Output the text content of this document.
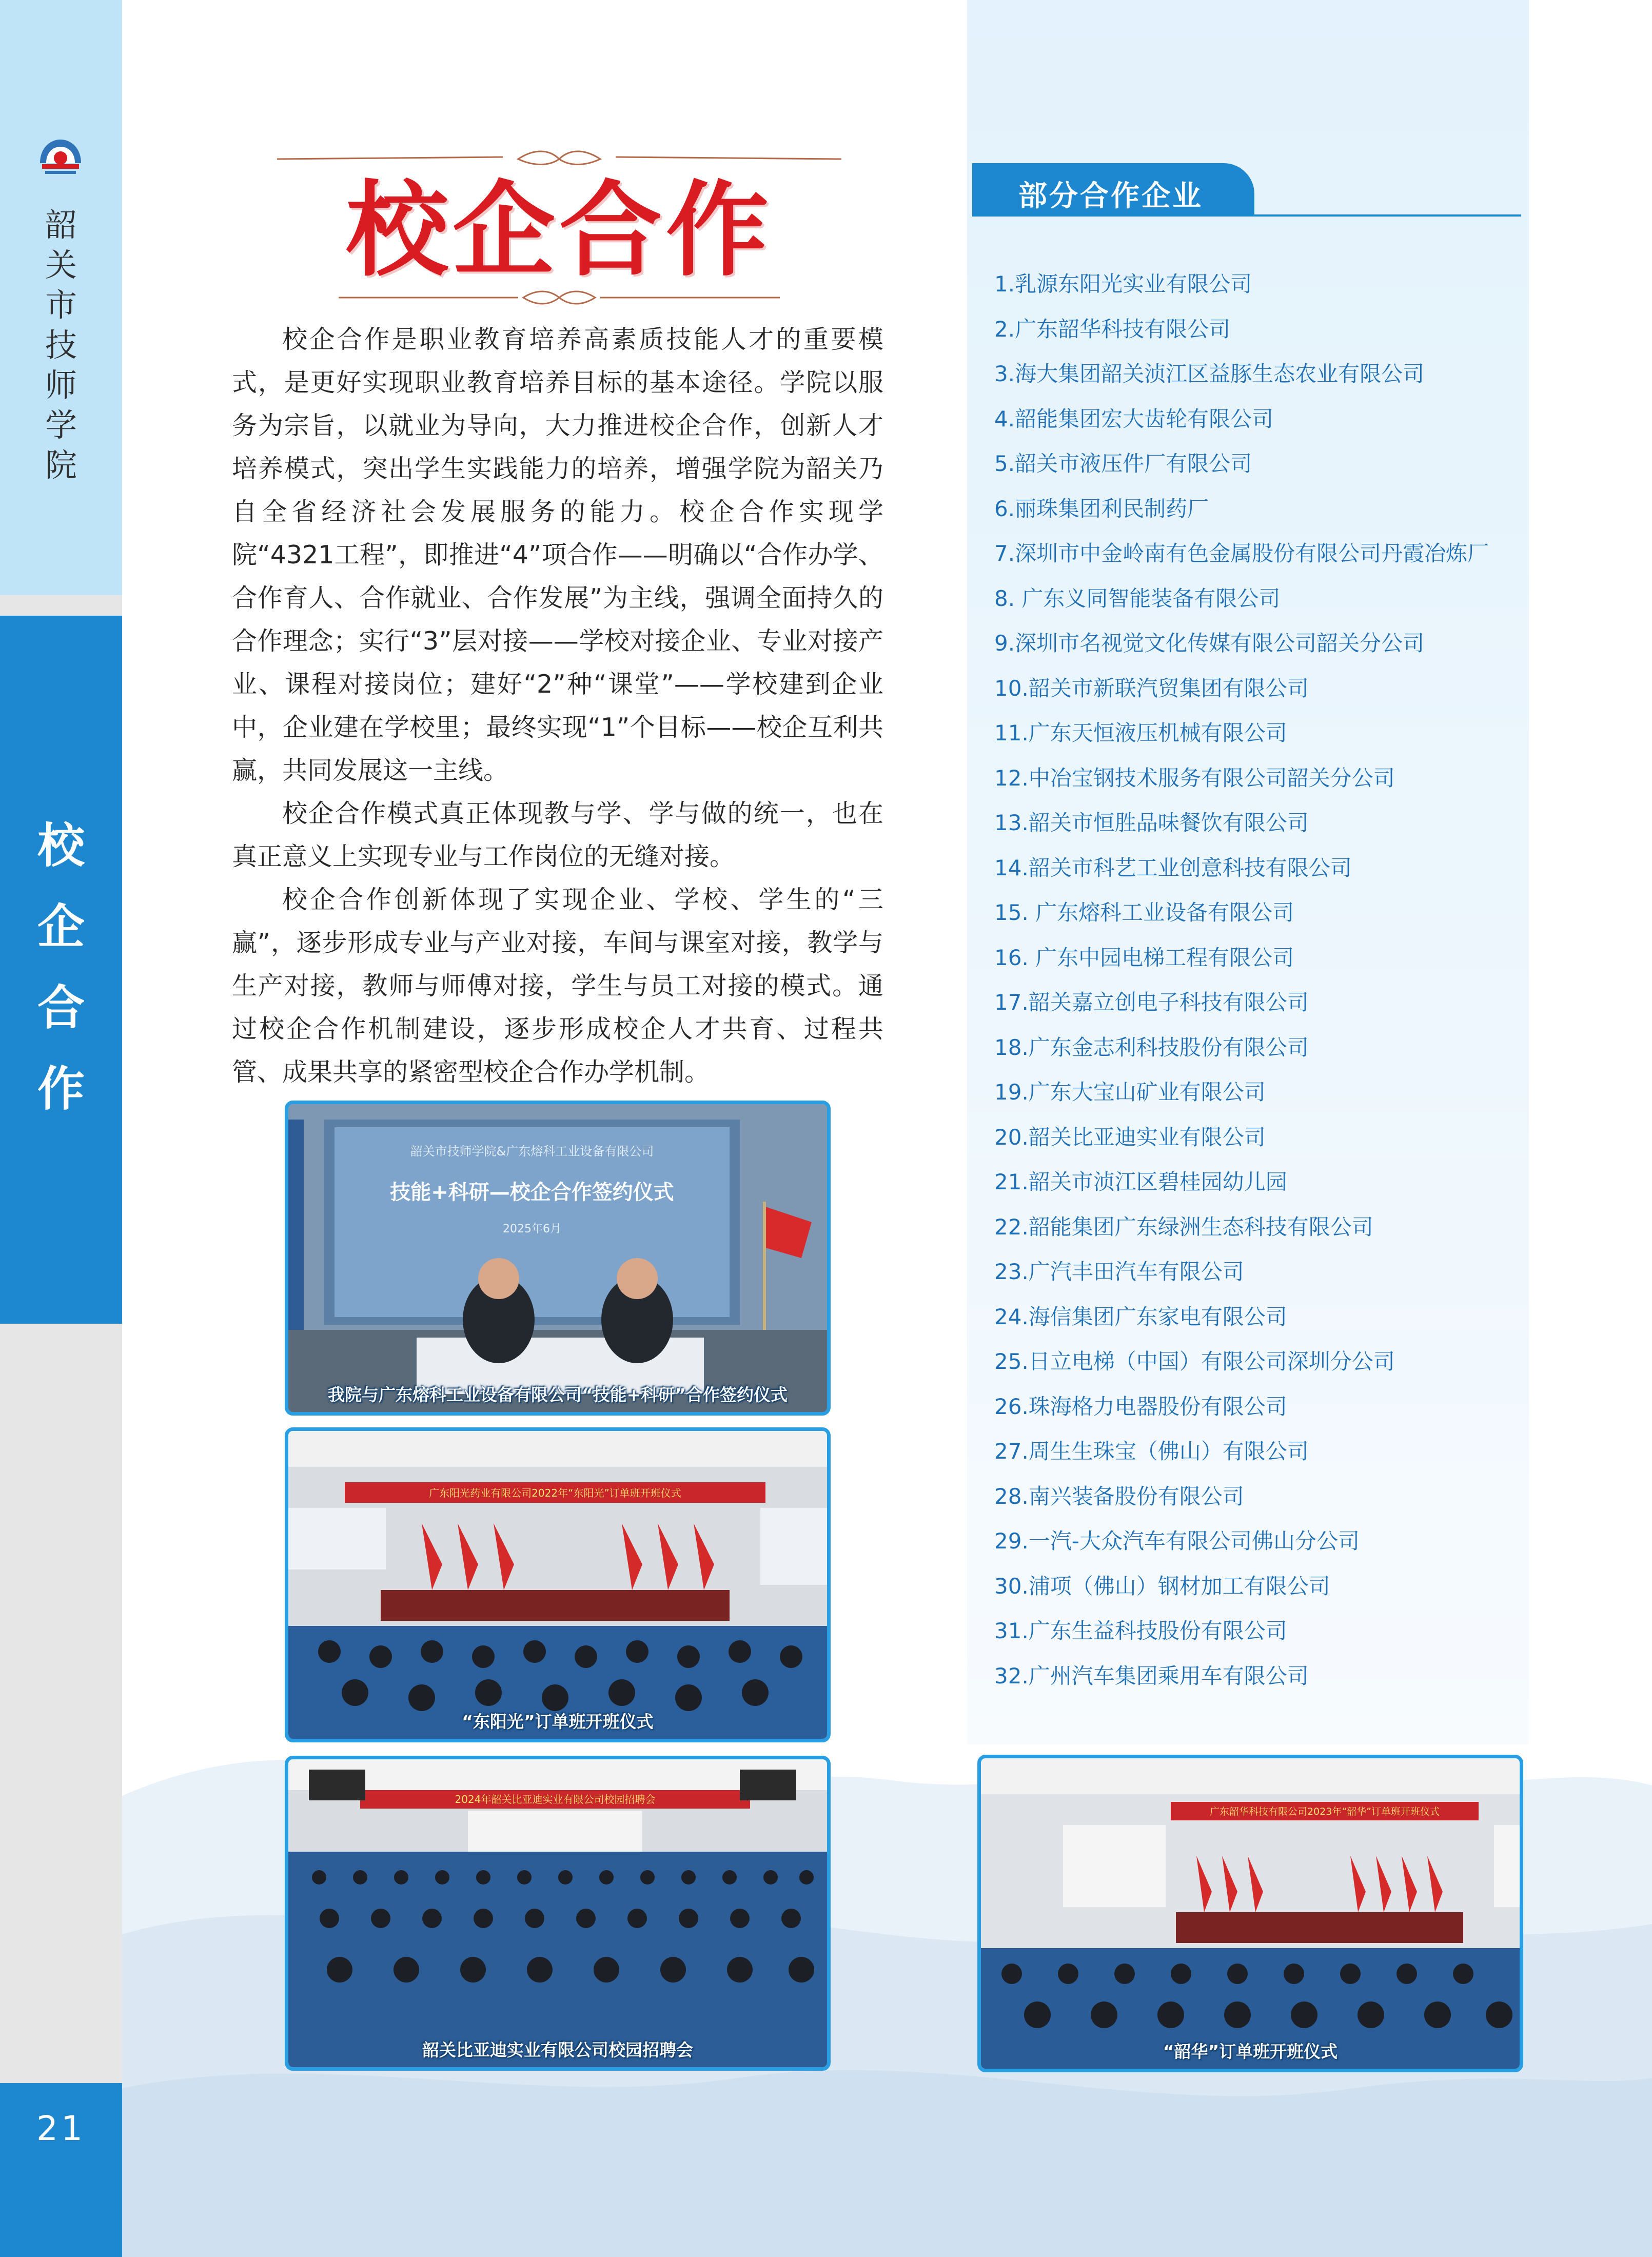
韶
关
市
技
师
学
院
校
企
合
作
21
校企合作

校企合作是职业教育培养高素质技能人才的重要模式，是更好实现职业教育培养目标的基本途径。学院以服务为宗旨，以就业为导向，大力推进校企合作，创新人才培养模式，突出学生实践能力的培养，增强学院为韶关乃自全省经济社会发展服务的能力。校企合作实现学院“4321工程”，即推进“4”项合作——明确以“合作办学、合作育人、合作就业、合作发展”为主线，强调全面持久的合作理念；实行“3”层对接——学校对接企业、专业对接产业、课程对接岗位；建好“2”种“课堂”——学校建到企业中，企业建在学校里；最终实现“1”个目标——校企互利共赢，共同发展这一主线。

校企合作模式真正体现教与学、学与做的统一，也在真正意义上实现专业与工作岗位的无缝对接。

校企合作创新体现了实现企业、学校、学生的“三赢”，逐步形成专业与产业对接，车间与课室对接，教学与生产对接，教师与师傅对接，学生与员工对接的模式。通过校企合作机制建设，逐步形成校企人才共育、过程共管、成果共享的紧密型校企合作办学机制。

韶关市技师学院&广东熔科工业设备有限公司
技能+科研—校企合作签约仪式
2025年6月
我院与广东熔科工业设备有限公司“技能+科研”合作签约仪式
广东阳光药业有限公司2022年“东阳光”订单班开班仪式
“东阳光”订单班开班仪式
2024年韶关比亚迪实业有限公司校园招聘会
韶关比亚迪实业有限公司校园招聘会
广东韶华科技有限公司2023年“韶华”订单班开班仪式
“韶华”订单班开班仪式
部分合作企业
1.乳源东阳光实业有限公司
2.广东韶华科技有限公司
3.海大集团韶关浈江区益豚生态农业有限公司
4.韶能集团宏大齿轮有限公司
5.韶关市液压件厂有限公司
6.丽珠集团利民制药厂
7.深圳市中金岭南有色金属股份有限公司丹霞冶炼厂
8. 广东义同智能装备有限公司
9.深圳市名视觉文化传媒有限公司韶关分公司
10.韶关市新联汽贸集团有限公司
11.广东天恒液压机械有限公司
12.中冶宝钢技术服务有限公司韶关分公司
13.韶关市恒胜品味餐饮有限公司
14.韶关市科艺工业创意科技有限公司
15. 广东熔科工业设备有限公司
16. 广东中园电梯工程有限公司
17.韶关嘉立创电子科技有限公司
18.广东金志利科技股份有限公司
19.广东大宝山矿业有限公司
20.韶关比亚迪实业有限公司
21.韶关市浈江区碧桂园幼儿园
22.韶能集团广东绿洲生态科技有限公司
23.广汽丰田汽车有限公司
24.海信集团广东家电有限公司
25.日立电梯（中国）有限公司深圳分公司
26.珠海格力电器股份有限公司
27.周生生珠宝（佛山）有限公司
28.南兴装备股份有限公司
29.一汽-大众汽车有限公司佛山分公司
30.浦项（佛山）钢材加工有限公司
31.广东生益科技股份有限公司
32.广州汽车集团乘用车有限公司
